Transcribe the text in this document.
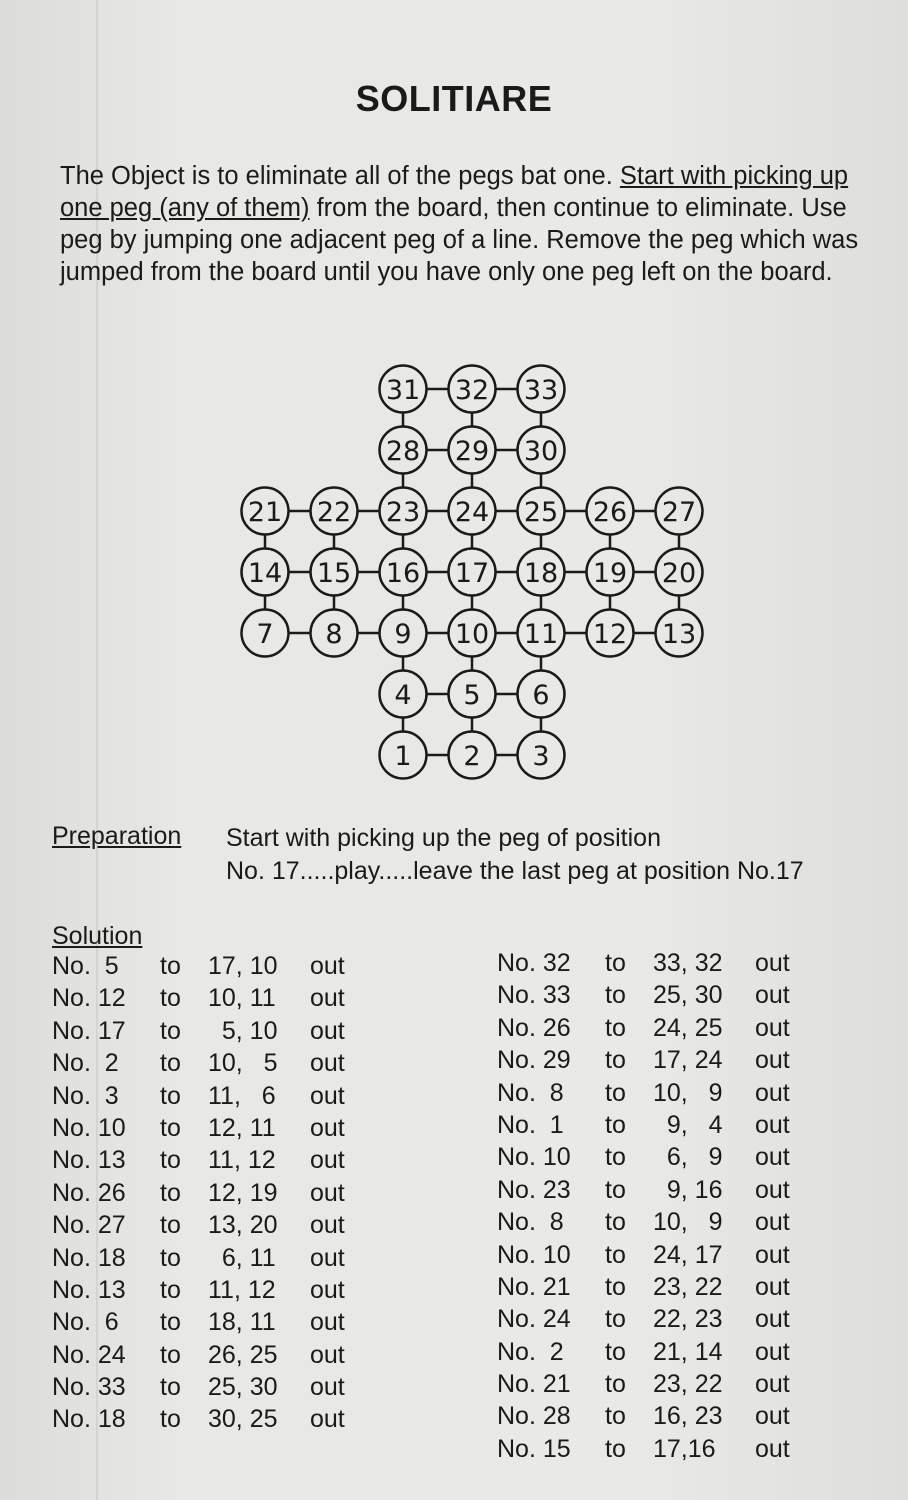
SOLITIARE
The Object is to eliminate all of the pegs bat one. Start with picking up one peg (any of them) from the board, then continue to eliminate. Use peg by jumping one adjacent peg of a line. Remove the peg which was jumped from the board until you have only one peg left on the board.
31 32 33
28 29 30
21 22 23 24 25 26 27
14 15 16 17 18 19 20
7 8 9 10 11 12 13
4 5 6
1 2 3
Preparation Start with picking up the peg of position
No. 17.....play.....leave the last peg at position No.17
Solution
No.  5 to 17, 10 out
No. 12 to 10, 11 out
No. 17 to 5, 10 out
No.  2 to 10,   5 out
No.  3 to 11,   6 out
No. 10 to 12, 11 out
No. 13 to 11, 12 out
No. 26 to 12, 19 out
No. 27 to 13, 20 out
No. 18 to 6, 11 out
No. 13 to 11, 12 out
No.  6 to 18, 11 out
No. 24 to 26, 25 out
No. 33 to 25, 30 out
No. 18 to 30, 25 out
No. 32 to 33, 32 out
No. 33 to 25, 30 out
No. 26 to 24, 25 out
No. 29 to 17, 24 out
No.  8 to 10,   9 out
No.  1 to 9,   4 out
No. 10 to 6,   9 out
No. 23 to 9, 16 out
No.  8 to 10,   9 out
No. 10 to 24, 17 out
No. 21 to 23, 22 out
No. 24 to 22, 23 out
No.  2 to 21, 14 out
No. 21 to 23, 22 out
No. 28 to 16, 23 out
No. 15 to 17,16 out
